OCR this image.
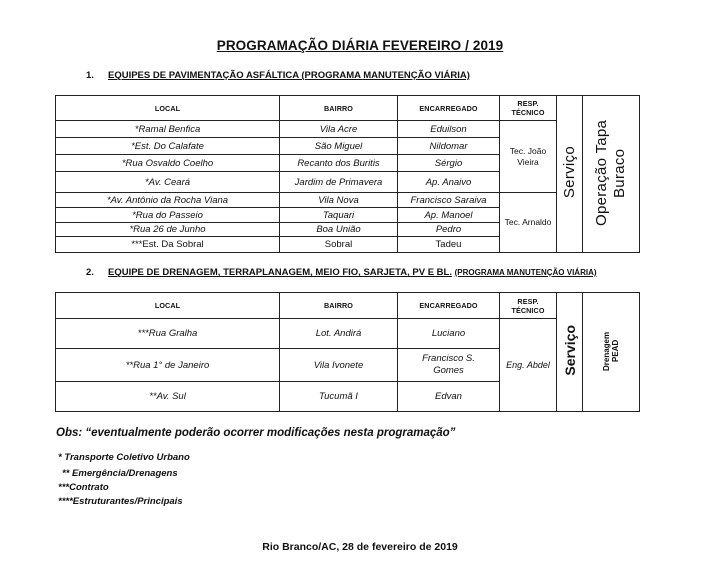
PROGRAMAÇÃO DIÁRIA FEVEREIRO / 2019
1. EQUIPES DE PAVIMENTAÇÃO ASFÁLTICA (PROGRAMA MANUTENÇÃO VIÁRIA)
LOCAL	BAIRRO	ENCARREGADO	RESP. TÉCNICO	Serviço	Operação Tapa Buraco
*Ramal Benfica	Vila Acre	Eduilson	Tec. João Vieira		
*Est. Do Calafate	São Miguel	Nildomar			
*Rua Osvaldo Coelho	Recanto dos Buritis	Sérgio			
*Av. Ceará	Jardim de Primavera	Ap. Anaivo			
*Av. Antônio da Rocha Viana	Vila Nova	Francisco Saraiva	Tec. Arnaldo		
*Rua do Passeio	Taquari	Ap. Manoel			
*Rua 26 de Junho	Boa União	Pedro			
***Est. Da Sobral	Sobral	Tadeu			
2. EQUIPE DE DRENAGEM, TERRAPLANAGEM, MEIO FIO, SARJETA, PV E BL. (PROGRAMA MANUTENÇÃO VIÁRIA)
LOCAL	BAIRRO	ENCARREGADO	RESP. TÉCNICO	Serviço	Drenagem PEAD
***Rua Gralha	Lot. Andirá	Luciano	Eng. Abdel		
**Rua 1° de Janeiro	Vila Ivonete	Francisco S. Gomes			
**Av. Sul	Tucumã I	Edvan			
Obs: “eventualmente poderão ocorrer modificações nesta programação”
* Transporte Coletivo Urbano
** Emergência/Drenagens
***Contrato
****Estruturantes/Principais
Rio Branco/AC, 28 de fevereiro de 2019
